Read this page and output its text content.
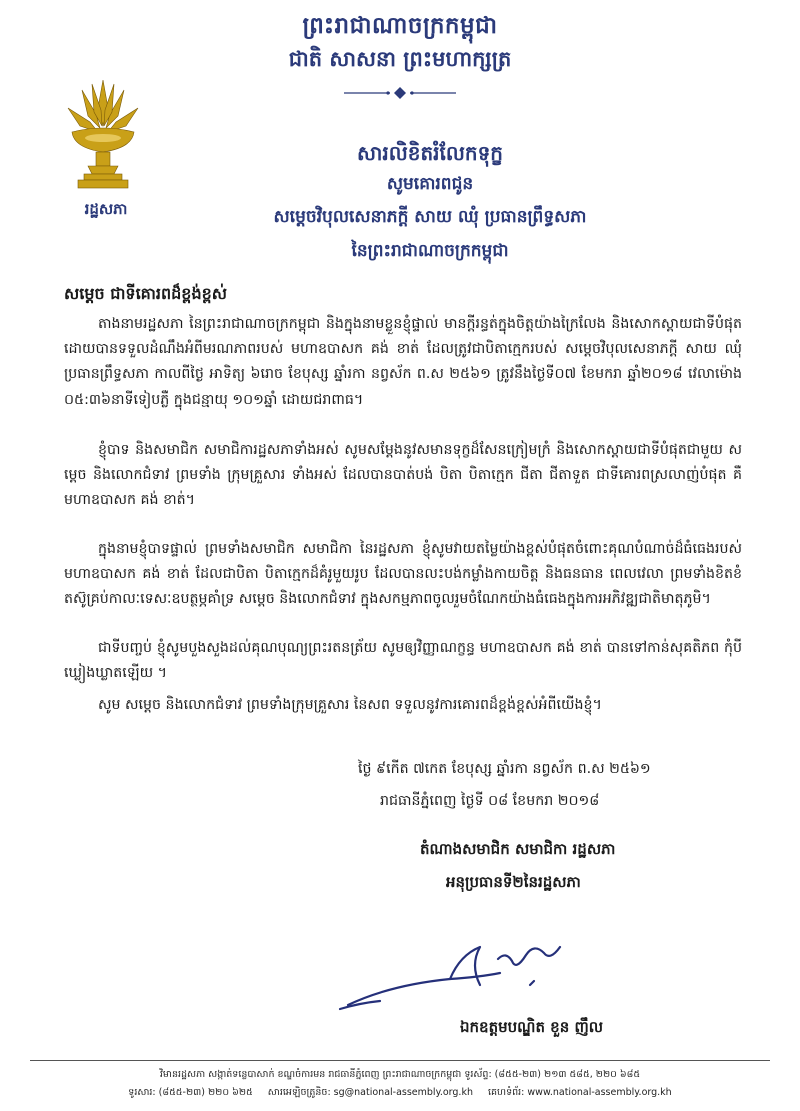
ព្រះរាជាណាចក្រកម្ពុជា
ជាតិ សាសនា ព្រះមហាក្សត្រ
រដ្ឋសភា
សារលិខិតរំលែកទុក្ខ
សូមគោរពជូន
សម្តេចវិបុលសេនាភក្តី សាយ ឈុំ ប្រធានព្រឹទ្ធសភា
នៃព្រះរាជាណាចក្រកម្ពុជា
សម្តេច ជាទីគោរពដ៏ខ្ពង់ខ្ពស់
តាងនាមរដ្ឋសភា នៃព្រះរាជាណាចក្រកម្ពុជា និងក្នុងនាមខ្លួនខ្ញុំផ្ទាល់ មានក្តីរន្ធត់ក្នុងចិត្តយ៉ាងក្រៃលែង និងសោកស្តាយជាទីបំផុត ដោយបានទទួលដំណឹងអំពីមរណភាពរបស់ មហាឧបាសក គង់ ខាត់ ដែលត្រូវជាបិតាក្មេករបស់ សម្តេចវិបុលសេនាភក្តី សាយ ឈុំ ប្រធានព្រឹទ្ធសភា កាលពីថ្ងៃ អាទិត្យ ៦រោច ខែបុស្ស ឆ្នាំរកា នព្វស័ក ព.ស ២៥៦១ ត្រូវនឹងថ្ងៃទី០៧ ខែមករា ឆ្នាំ២០១៨ វេលាម៉ោង ០៥:៣៦នាទីទៀបភ្លឺ ក្នុងជន្មាយុ ១០១ឆ្នាំ ដោយជរាពាធ។
ខ្ញុំបាទ និងសមាជិក សមាជិការដ្ឋសភាទាំងអស់ សូមសម្តែងនូវសមានទុក្ខដ៏សែនក្រៀមក្រំ និងសោកស្តាយជាទីបំផុតជាមួយ សម្តេច និងលោកជំទាវ ព្រមទាំង ក្រុមគ្រួសារ ទាំងអស់ ដែលបានបាត់បង់ បិតា បិតាក្មេក ជីតា ជីតាទួត ជាទីគោរពស្រលាញ់បំផុត គឺមហាឧបាសក គង់ ខាត់។
ក្នុងនាមខ្ញុំបាទផ្ទាល់ ព្រមទាំងសមាជិក សមាជិកា នៃរដ្ឋសភា ខ្ញុំសូមវាយតម្លៃយ៉ាងខ្ពស់បំផុតចំពោះគុណបំណាច់ដ៏ធំធេងរបស់ មហាឧបាសក គង់ ខាត់ ដែលជាបិតា បិតាក្មេកដ៏គំរូមួយរូប ដែលបានលះបង់កម្លាំងកាយចិត្ត និងធនធាន ពេលវេលា ព្រមទាំងខិតខំតស៊ូគ្រប់កាលៈទេសៈឧបត្ថម្ភគាំទ្រ សម្តេច និងលោកជំទាវ ក្នុងសកម្មភាពចូលរួមចំណែកយ៉ាងធំធេងក្នុងការអភិវឌ្ឍជាតិមាតុភូមិ។
ជាទីបញ្ចប់ ខ្ញុំសូមបួងសួងដល់គុណបុណ្យព្រះរតនត្រ័យ សូមឲ្យវិញ្ញាណក្ខន្ធ មហាឧបាសក គង់ ខាត់ បានទៅកាន់សុគតិភព កុំបីឃ្លៀងឃ្លាតឡើយ ។
សូម សម្តេច និងលោកជំទាវ ព្រមទាំងក្រុមគ្រួសារ នៃសព ទទួលនូវការគោរពដ៏ខ្ពង់ខ្ពស់អំពីយើងខ្ញុំ។
ថ្ងៃ ៩កើត ៧កេត ខែបុស្ស ឆ្នាំរកា នព្វស័ក ព.ស ២៥៦១
រាជធានីភ្នំពេញ ថ្ងៃទី ០៨ ខែមករា ២០១៨
តំណាងសមាជិក សមាជិកា រដ្ឋសភា
អនុប្រធានទី២នៃរដ្ឋសភា
ឯកឧត្តមបណ្ឌិត ខួន ញឹល
វិមានរដ្ឋសភា សង្កាត់ទន្លេបាសាក់ ខណ្ឌចំការមន រាជធានីភ្នំពេញ ព្រះរាជាណាចក្រកម្ពុជា ទូរស័ព្ទ: (៨៥៥-២៣) ២១៣ ៥៨៥, ២២០ ៦៨៥
ទូរសារ: (៨៥៥-២៣) ២២០ ៦២៥ សារអេឡិចត្រូនិច: sg@national-assembly.org.kh គេហទំព័រ: www.national-assembly.org.kh
